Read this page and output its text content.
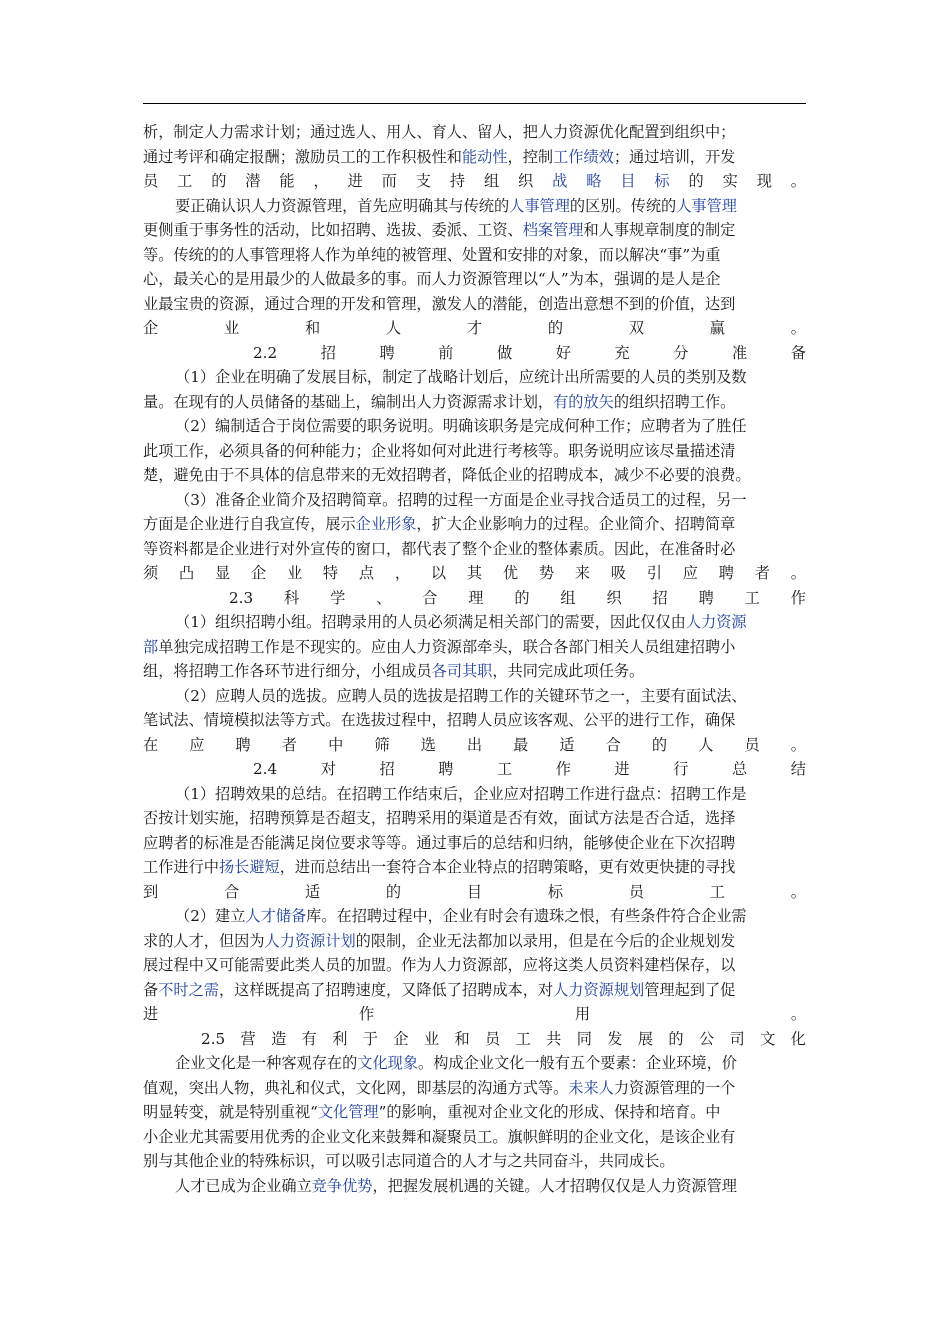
析，制定人力需求计划；通过选人、用人、育人、留人，把人力资源优化配置到组织中；
通过考评和确定报酬；激励员工的工作积极性和能动性，控制工作绩效；通过培训，开发
员 工 的 潜 能 ， 进 而 支 持 组 织 战 略 目 标 的 实 现 。
要正确认识人力资源管理，首先应明确其与传统的人事管理的区别。传统的人事管理
更侧重于事务性的活动，比如招聘、选拔、委派、工资、档案管理和人事规章制度的制定
等。传统的的人事管理将人作为单纯的被管理、处置和安排的对象，而以解决“事”为重
心，最关心的是用最少的人做最多的事。而人力资源管理以“人”为本，强调的是人是企
业最宝贵的资源，通过合理的开发和管理，激发人的潜能，创造出意想不到的价值，达到
企	业	和	人	才	的	双	赢	。
2.2	招	聘	前	做	好	充	分	准	备
（1）企业在明确了发展目标，制定了战略计划后，应统计出所需要的人员的类别及数
量。在现有的人员储备的基础上，编制出人力资源需求计划，有的放矢的组织招聘工作。
（2）编制适合于岗位需要的职务说明。明确该职务是完成何种工作；应聘者为了胜任
此项工作，必须具备的何种能力；企业将如何对此进行考核等。职务说明应该尽量描述清
楚，避免由于不具体的信息带来的无效招聘者，降低企业的招聘成本，减少不必要的浪费。
（3）准备企业简介及招聘简章。招聘的过程一方面是企业寻找合适员工的过程，另一
方面是企业进行自我宣传，展示企业形象，扩大企业影响力的过程。企业简介、招聘简章
等资料都是企业进行对外宣传的窗口，都代表了整个企业的整体素质。因此，在准备时必
须 凸 显 企 业 特 点 ， 以 其 优 势 来 吸 引 应 聘 者 。
2.3 科 学 、 合 理 的 组 织 招 聘 工 作
（1）组织招聘小组。招聘录用的人员必须满足相关部门的需要，因此仅仅由人力资源
部单独完成招聘工作是不现实的。应由人力资源部牵头，联合各部门相关人员组建招聘小
组，将招聘工作各环节进行细分，小组成员各司其职，共同完成此项任务。
（2）应聘人员的选拔。应聘人员的选拔是招聘工作的关键环节之一，主要有面试法、
笔试法、情境模拟法等方式。在选拔过程中，招聘人员应该客观、公平的进行工作，确保
在 应 聘 者 中 筛 选 出 最 适 合 的 人 员 。
2.4	对	招	聘	工	作	进	行	总	结
（1）招聘效果的总结。在招聘工作结束后，企业应对招聘工作进行盘点：招聘工作是
否按计划实施，招聘预算是否超支，招聘采用的渠道是否有效，面试方法是否合适，选择
应聘者的标准是否能满足岗位要求等等。通过事后的总结和归纳，能够使企业在下次招聘
工作进行中扬长避短，进而总结出一套符合本企业特点的招聘策略，更有效更快捷的寻找
到	合	适	的	目	标	员	工	。
（2）建立人才储备库。在招聘过程中，企业有时会有遗珠之恨，有些条件符合企业需
求的人才，但因为人力资源计划的限制，企业无法都加以录用，但是在今后的企业规划发
展过程中又可能需要此类人员的加盟。作为人力资源部，应将这类人员资料建档保存，以
备不时之需，这样既提高了招聘速度，又降低了招聘成本，对人力资源规划管理起到了促
进	作	用	。
2.5 营 造 有 利 于 企 业 和 员 工 共 同 发 展 的 公 司 文 化
企业文化是一种客观存在的文化现象。构成企业文化一般有五个要素：企业环境，价
值观，突出人物，典礼和仪式，文化网，即基层的沟通方式等。未来人力资源管理的一个
明显转变，就是特别重视“文化管理”的影响，重视对企业文化的形成、保持和培育。中
小企业尤其需要用优秀的企业文化来鼓舞和凝聚员工。旗帜鲜明的企业文化，是该企业有
别与其他企业的特殊标识，可以吸引志同道合的人才与之共同奋斗，共同成长。
人才已成为企业确立竞争优势，把握发展机遇的关键。人才招聘仅仅是人力资源管理
